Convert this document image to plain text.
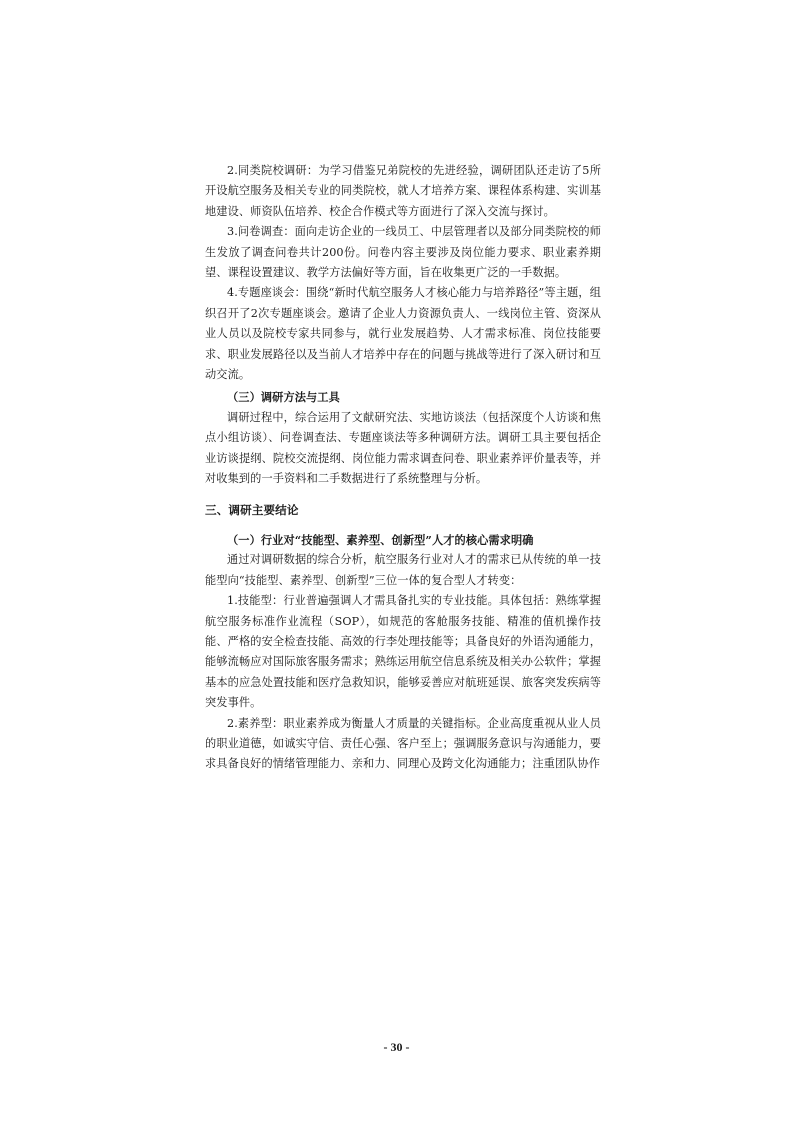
2.同类院校调研：为学习借鉴兄弟院校的先进经验，调研团队还走访了5所开设航空服务及相关专业的同类院校，就人才培养方案、课程体系构建、实训基地建设、师资队伍培养、校企合作模式等方面进行了深入交流与探讨。

3.问卷调查：面向走访企业的一线员工、中层管理者以及部分同类院校的师生发放了调查问卷共计200份。问卷内容主要涉及岗位能力要求、职业素养期望、课程设置建议、教学方法偏好等方面，旨在收集更广泛的一手数据。

4.专题座谈会：围绕“新时代航空服务人才核心能力与培养路径”等主题，组织召开了2次专题座谈会。邀请了企业人力资源负责人、一线岗位主管、资深从业人员以及院校专家共同参与，就行业发展趋势、人才需求标准、岗位技能要求、职业发展路径以及当前人才培养中存在的问题与挑战等进行了深入研讨和互动交流。

（三）调研方法与工具

调研过程中，综合运用了文献研究法、实地访谈法（包括深度个人访谈和焦点小组访谈）、问卷调查法、专题座谈法等多种调研方法。调研工具主要包括企业访谈提纲、院校交流提纲、岗位能力需求调查问卷、职业素养评价量表等，并对收集到的一手资料和二手数据进行了系统整理与分析。

三、调研主要结论

（一）行业对“技能型、素养型、创新型”人才的核心需求明确

通过对调研数据的综合分析，航空服务行业对人才的需求已从传统的单一技能型向“技能型、素养型、创新型”三位一体的复合型人才转变：

1.技能型：行业普遍强调人才需具备扎实的专业技能。具体包括：熟练掌握航空服务标准作业流程（SOP），如规范的客舱服务技能、精准的值机操作技能、严格的安全检查技能、高效的行李处理技能等；具备良好的外语沟通能力，能够流畅应对国际旅客服务需求；熟练运用航空信息系统及相关办公软件；掌握基本的应急处置技能和医疗急救知识，能够妥善应对航班延误、旅客突发疾病等突发事件。

2.素养型：职业素养成为衡量人才质量的关键指标。企业高度重视从业人员的职业道德，如诚实守信、责任心强、客户至上；强调服务意识与沟通能力，要求具备良好的情绪管理能力、亲和力、同理心及跨文化沟通能力；注重团队协作

- 30 -
